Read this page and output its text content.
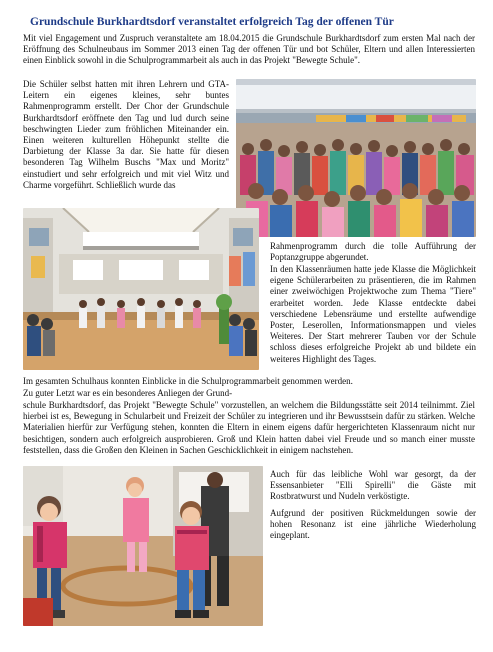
Grundschule Burkhardtsdorf veranstaltet erfolgreich Tag der offenen Tür
Mit viel Engagement und Zuspruch veranstaltete am 18.04.2015 die Grundschule Burkhardtsdorf zum ersten Mal nach der Eröffnung des Schulneubaus im Sommer 2013 einen Tag der offenen Tür und bot Schüler, Eltern und allen Interessierten einen Einblick sowohl in die Schulprogrammarbeit als auch in das Projekt "Bewegte Schule".
Die Schüler selbst hatten mit ihren Lehrern und GTA-Leitern ein eigenes kleines, sehr buntes Rahmenprogramm erstellt. Der Chor der Grundschule Burkhardtsdorf eröffnete den Tag und lud durch seine beschwingten Lieder zum fröhlichen Miteinander ein. Einen weiteren kulturellen Höhepunkt stellte die Darbietung der Klasse 3a dar. Sie hatte für diesen besonderen Tag Wilhelm Buschs "Max und Moritz" einstudiert und sehr erfolgreich und mit viel Witz und Charme vorgeführt. Schließlich wurde das
Rahmenprogramm durch die tolle Aufführung der Poptanzgruppe abgerundet.
In den Klassenräumen hatte jede Klasse die Möglichkeit eigene Schülerarbeiten zu präsentieren, die im Rahmen einer zweiwöchigen Projektwoche zum Thema "Tiere" erarbeitet worden. Jede Klasse entdeckte dabei verschiedene Lebensräume und erstellte aufwendige Poster, Leserollen, Informationsmappen und vieles Weiteres. Der Start mehrerer Tauben vor der Schule schloss dieses erfolgreiche Projekt ab und bildete ein weiteres Highlight des Tages.
Im gesamten Schulhaus konnten Einblicke in die Schulprogrammarbeit genommen werden.
Zu guter Letzt war es ein besonderes Anliegen der Grund-
schule Burkhardtsdorf, das Projekt "Bewegte Schule" vorzustellen, an welchem die Bildungsstätte seit 2014 teilnimmt. Ziel hierbei ist es, Bewegung in Schularbeit und Freizeit der Schüler zu integrieren und ihr Bewusstsein dafür zu stärken. Welche Materialien hierfür zur Verfügung stehen, konnten die Eltern in einem eigens dafür hergerichteten Klassenraum nicht nur besichtigen, sondern auch erfolgreich ausprobieren. Groß und Klein hatten dabei viel Freude und so manch einer musste feststellen, dass die Großen den Kleinen in Sachen Geschicklichkeit in einigem nachstehen.
Auch für das leibliche Wohl war gesorgt, da der Essensanbieter "Elli Spirelli" die Gäste mit Rostbratwurst und Nudeln verköstigte.
Aufgrund der positiven Rückmeldungen sowie der hohen Resonanz ist eine jährliche Wiederholung eingeplant.
